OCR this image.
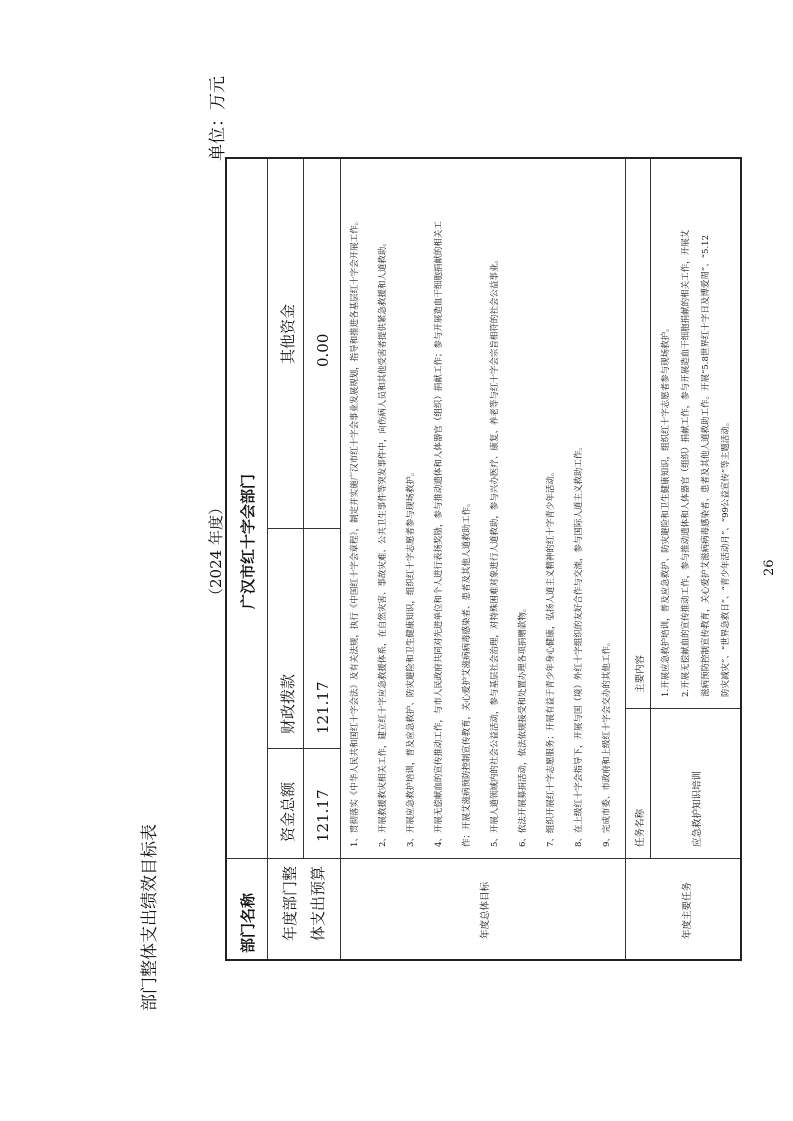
部门整体支出绩效目标表
（2024 年度）
单位：万元
部门名称
广汉市红十字会部门
年度部门整 体支出预算
资金总额 121.17
财政拨款 121.17
其他资金 0.00
年度总体目标
1、贯彻落实《中华人民共和国红十字会法》及有关法规，执行《中国红十字会章程》，制定并实施广汉市红十字会事业发展规划，指导和推进各基层红十字会开展工作。 2、开展救援救灾相关工作，建立红十字应急救援体系，在自然灾害、事故灾难、公共卫生事件等突发事件中，向伤病人员和其他受害者提供紧急救援和人道救助。 3、开展应急救护培训，普及应急救护、防灾避险和卫生健康知识，组织红十字志愿者参与现场救护。 4、开展无偿献血的宣传推动工作，与市人民政府共同对先进单位和个人进行表扬奖励，参与推动遗体和人体器官（组织）捐献工作；参与开展造血干细胞捐献的相关工 作；开展艾滋病预防控制宣传教育，关心爱护艾滋病病毒感染者、患者及其他人道救助工作。 5、开展人道领域内的社会公益活动，参与基层社会治理，对特殊困难对象进行人道救助，参与兴办医疗、康复、养老等与红十字会宗旨相符的社会公益事业。 6、依法开展募捐活动，依法依规接受和处置办理各项捐赠款物。 7、组织开展红十字志愿服务；开展有益于青少年身心健康，弘扬人道主义精神的红十字青少年活动。 8、在上级红十字会指导下，开展与国（境）外红十字组织的友好合作与交流，参与国际人道主义救助工作。 9、完成市委、市政府和上级红十字会交办的其他工作。
年度主要任务
任务名称
主要内容
应急救护知识培训
1.开展应急救护培训，普及应急救护、防灾避险和卫生健康知识，组织红十字志愿者参与现场救护。 2.开展无偿献血的宣传推动工作，参与推动遗体和人体器官（组织）捐献工作，参与开展造血干细胞捐献的相关工作，开展艾 滋病预防控制宣传教育，关心爱护艾滋病病毒感染者、患者及其他人道救助工作。开展“5.8世界红十字日及博爱周”、“5.12 防灾减灾”、“世界急救日”、“青少年活动月”、“99公益宣传”等主题活动。 26
